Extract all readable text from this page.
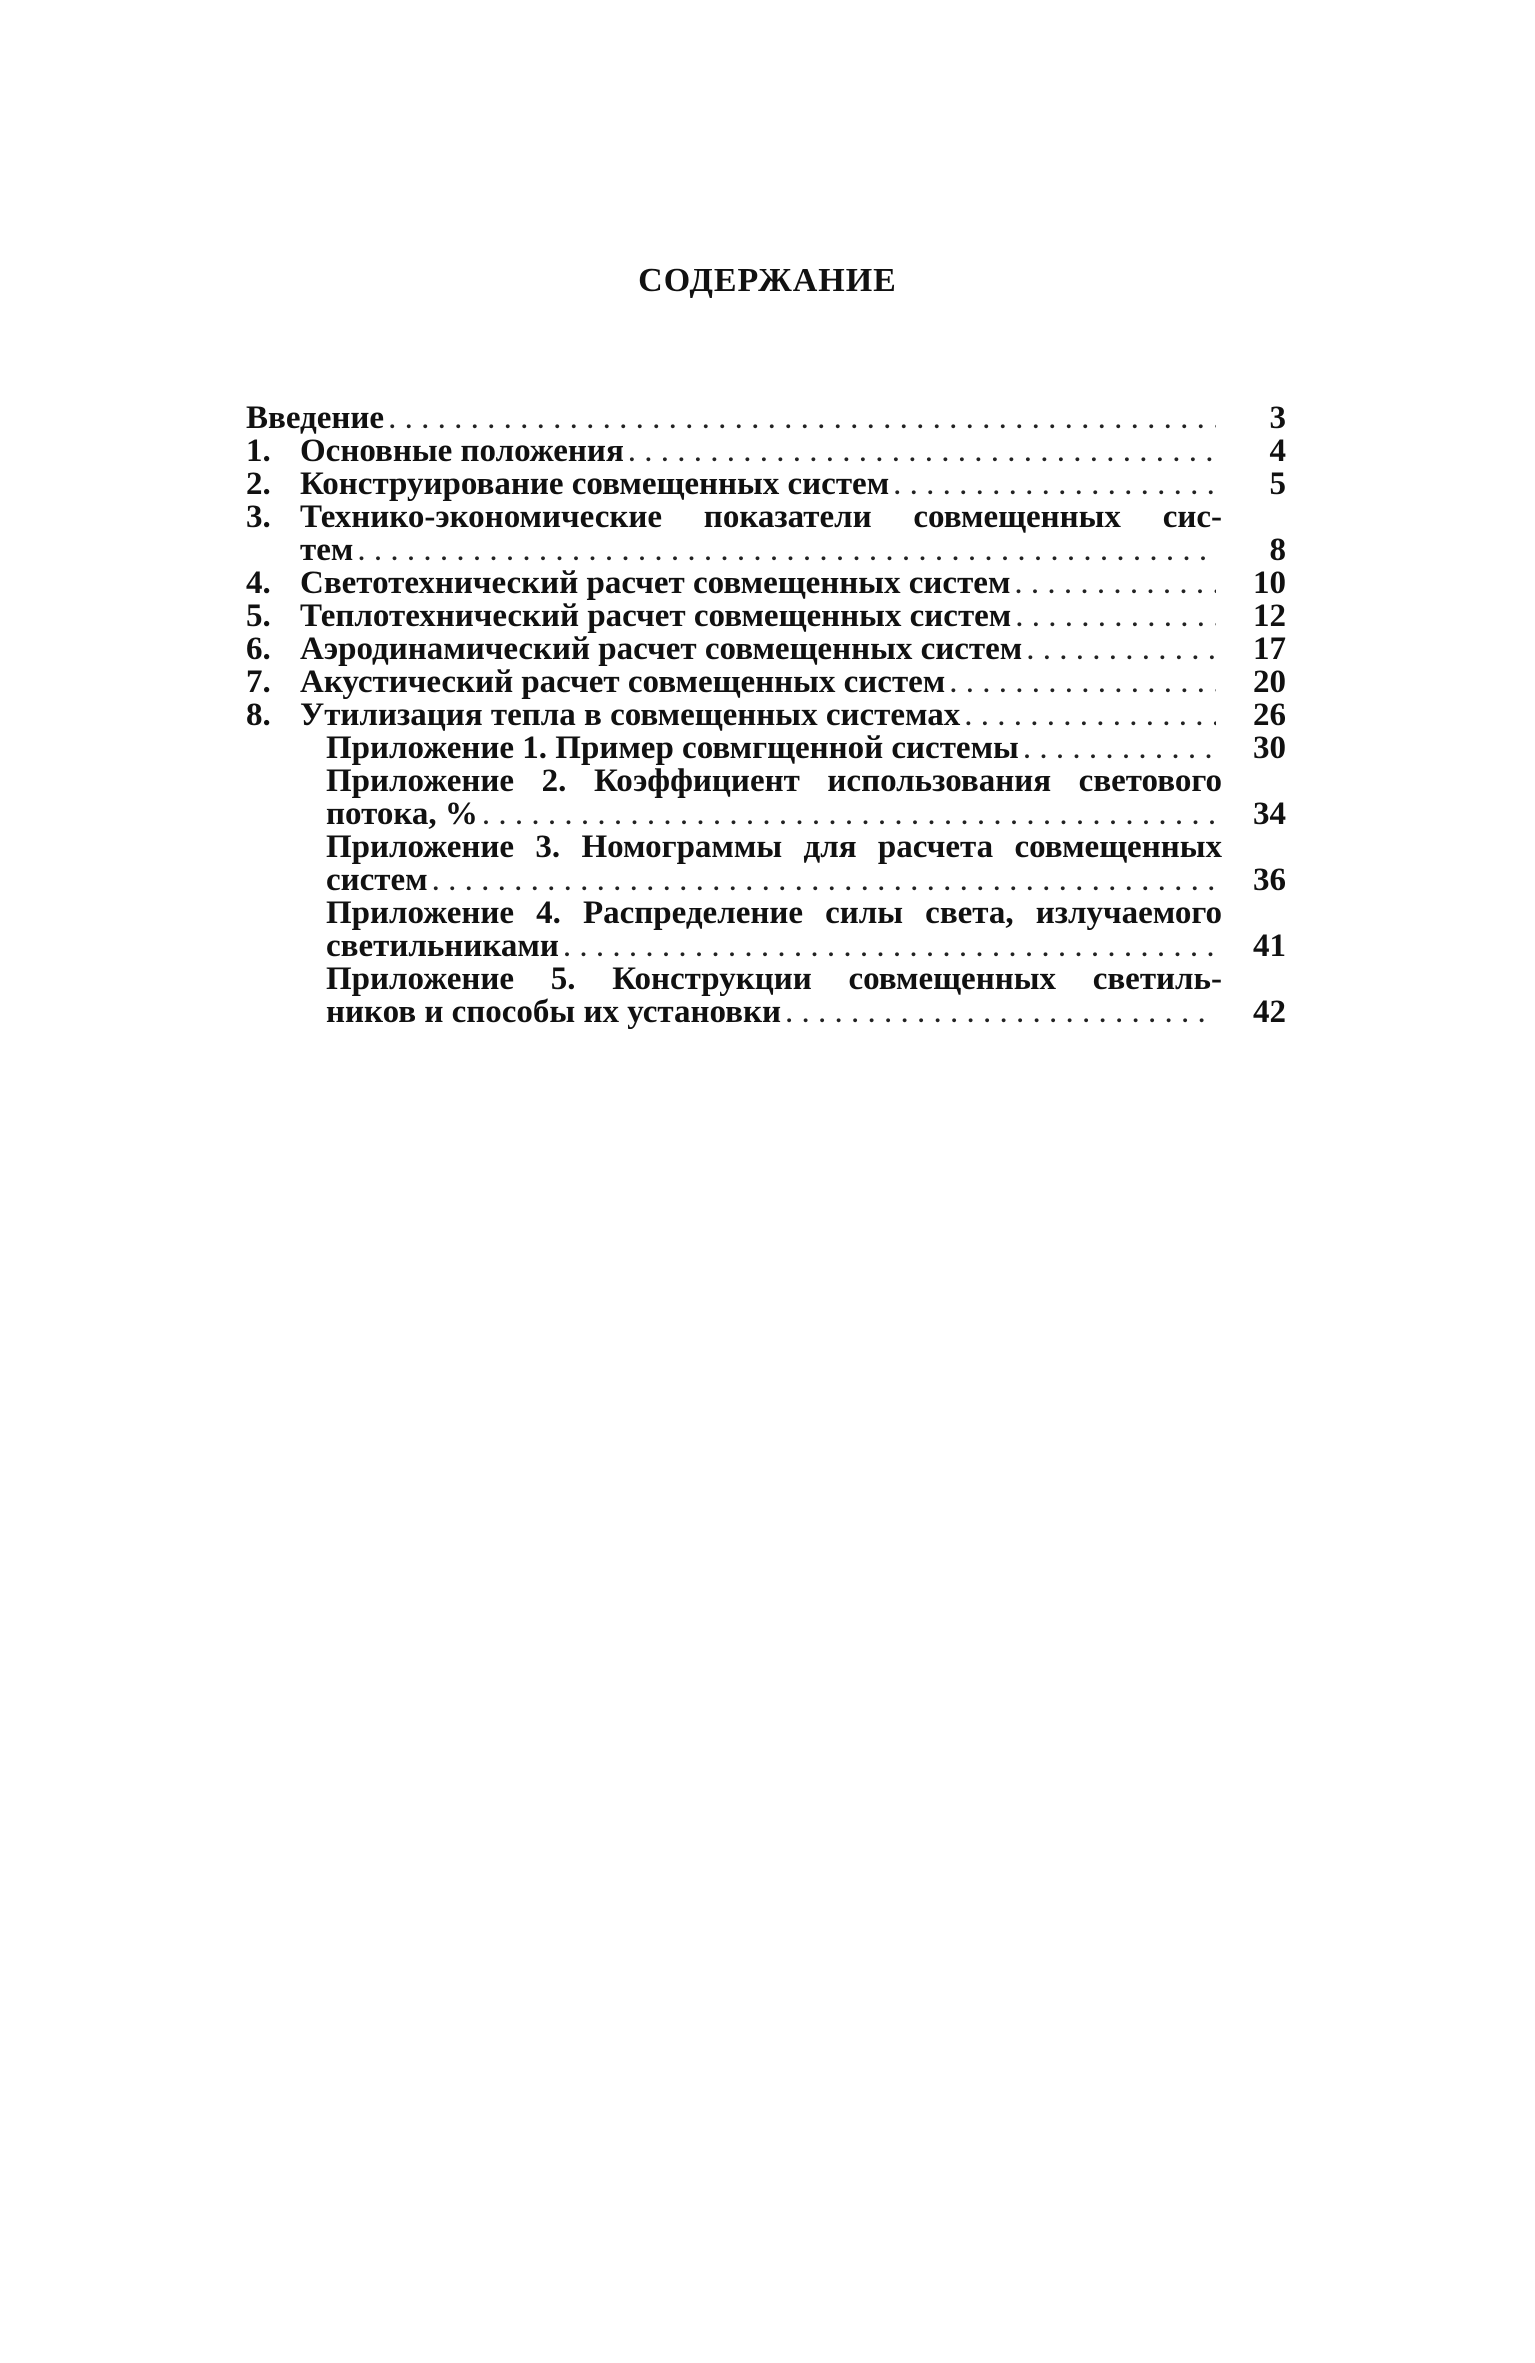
СОДЕРЖАНИЕ
Введение . . .	3
1. Основные положения . . .	4
2. Конструирование совмещенных систем . . .	5
3. Технико-экономические показатели совмещенных сис-
тем . . .	8
4. Светотехнический расчет совмещенных систем . . .	10
5. Теплотехнический расчет совмещенных систем . . .	12
6. Аэродинамический расчет совмещенных систем . . .	17
7. Акустический расчет совмещенных систем . . .	20
8. Утилизация тепла в совмещенных системах . . .	26
Приложение 1. Пример совмгщенной системы . . .	30
Приложение 2. Коэффициент использования светового
потока, % . . .	34
Приложение 3. Номограммы для расчета совмещенных
систем . . .	36
Приложение 4. Распределение силы света, излучаемого
светильниками . . .	41
Приложение 5. Конструкции совмещенных светиль-
ников и способы их установки . . .	42
